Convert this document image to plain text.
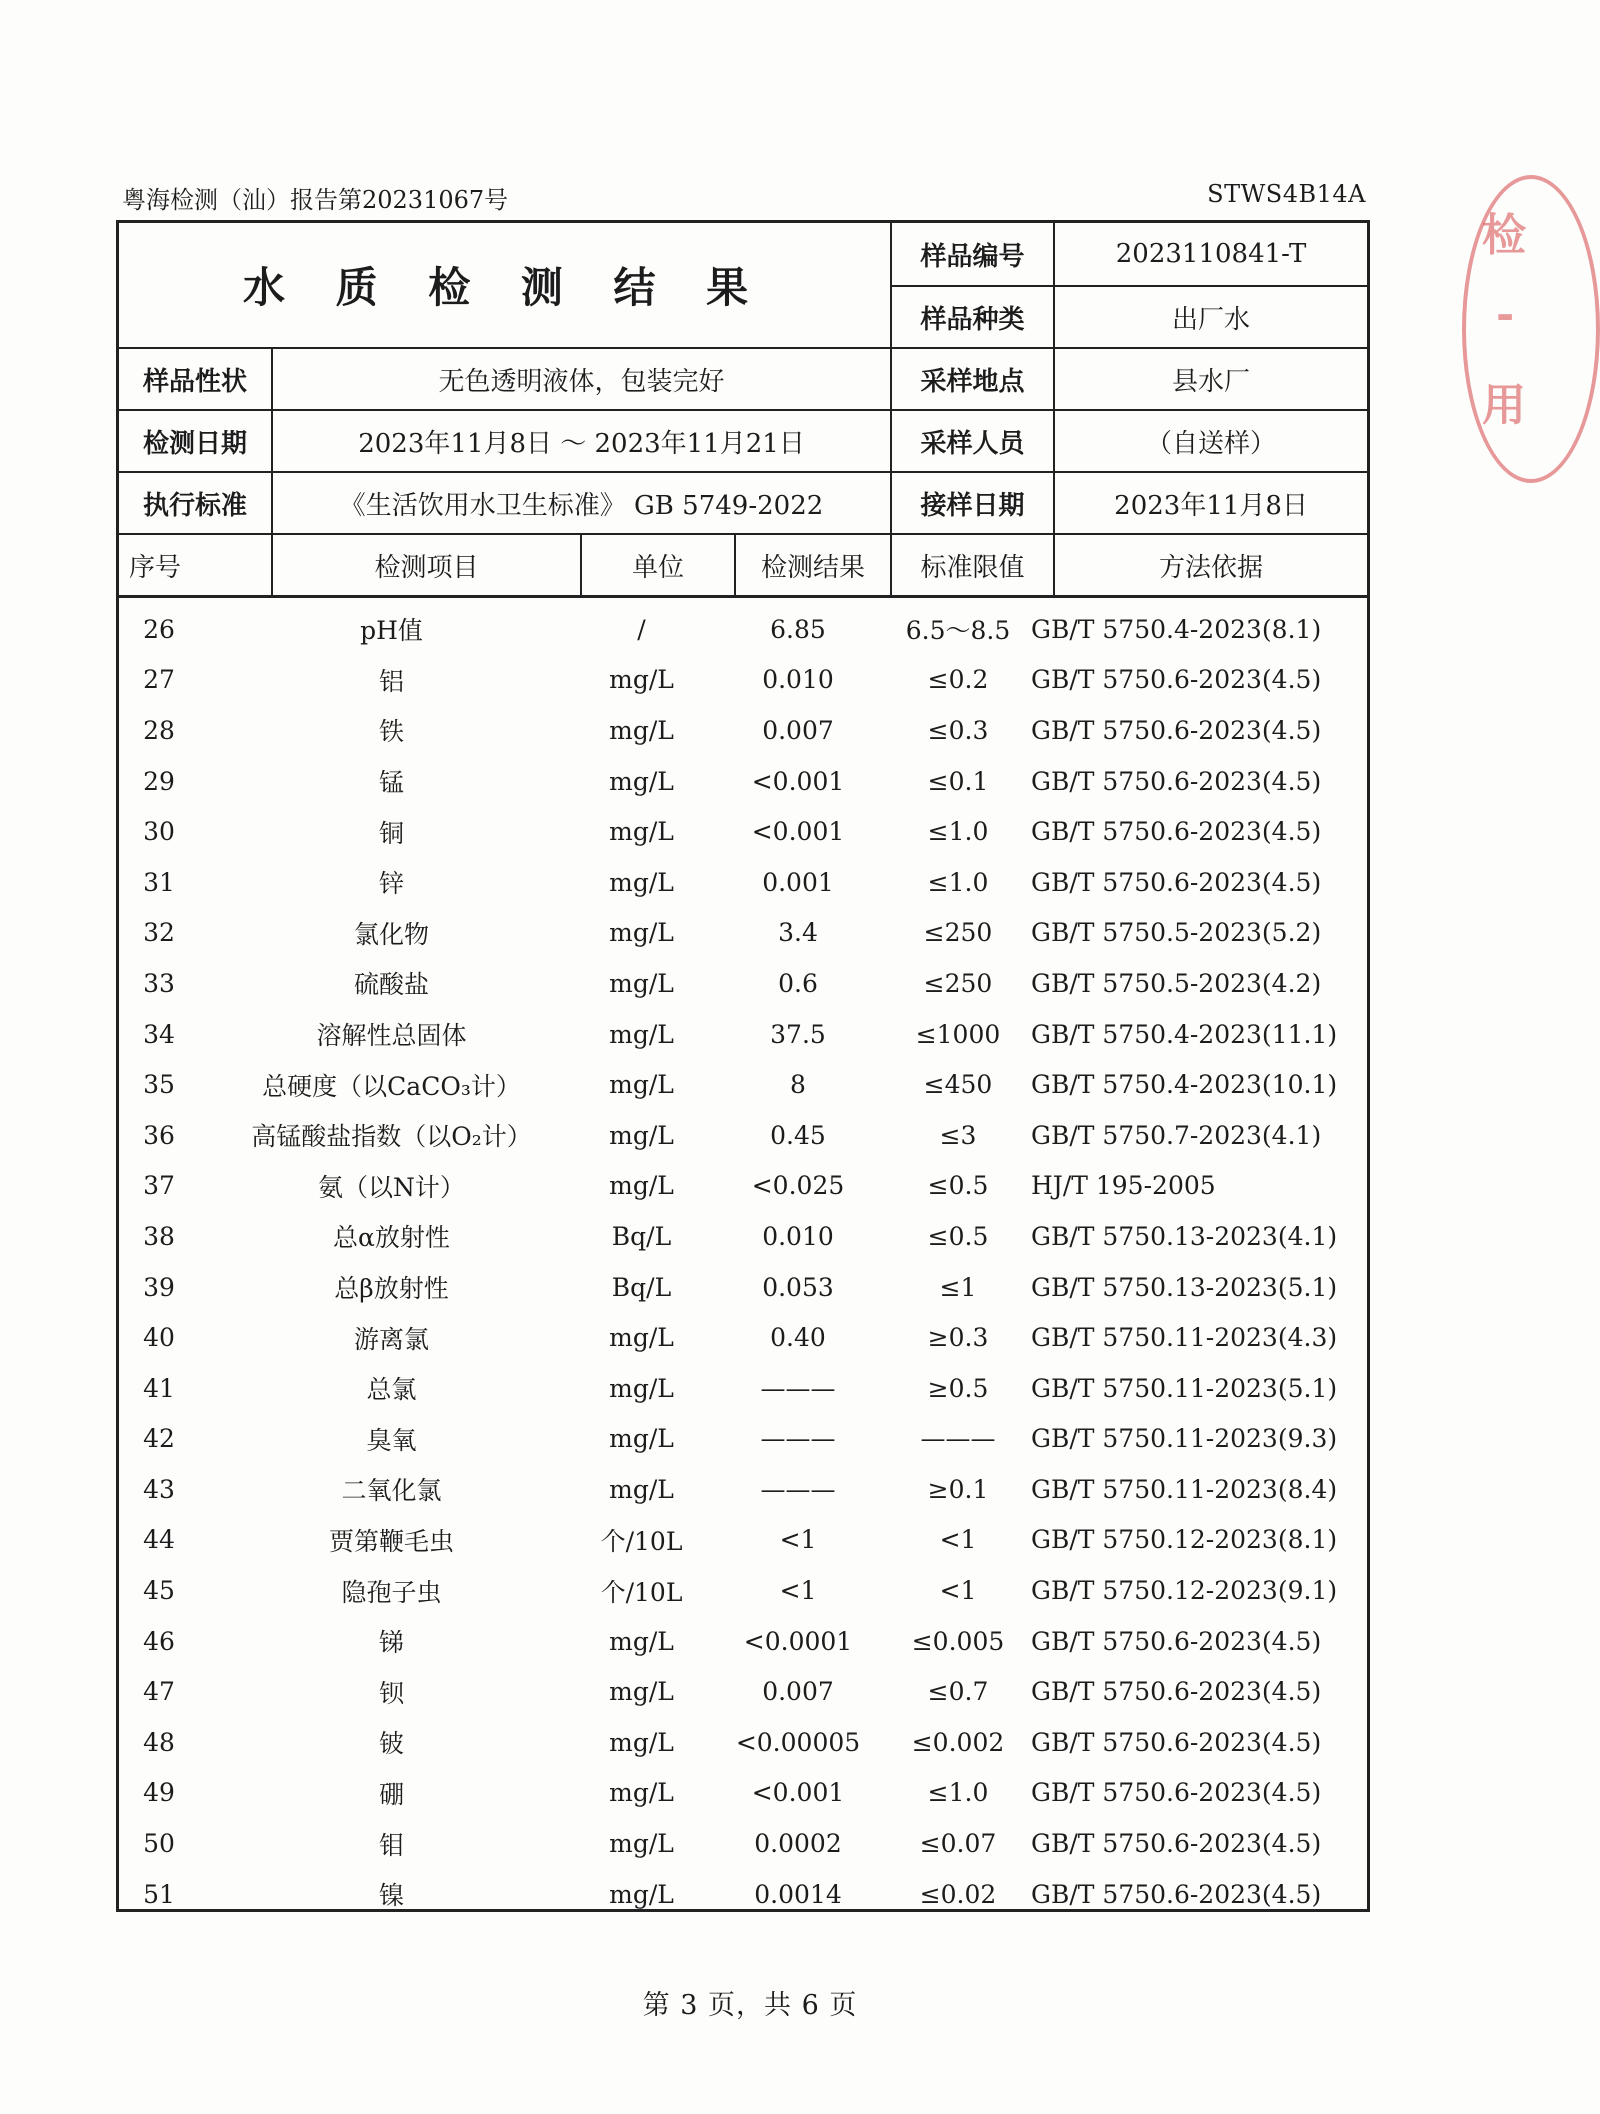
粤海检测（汕）报告第20231067号	STWS4B14A
检
-
用
水 质 检 测 结 果				样品编号	2023110841-T
				样品种类	出厂水
样品性状	无色透明液体，包装完好			采样地点	县水厂
检测日期	2023年11月8日 ～ 2023年11月21日			采样人员	（自送样）
执行标准	《生活饮用水卫生标准》 GB 5749-2022			接样日期	2023年11月8日
序号	检测项目	单位	检测结果	标准限值	方法依据
26	pH值	/	6.85	6.5～8.5	GB/T 5750.4-2023(8.1)
27	铝	mg/L	0.010	≤0.2	GB/T 5750.6-2023(4.5)
28	铁	mg/L	0.007	≤0.3	GB/T 5750.6-2023(4.5)
29	锰	mg/L	<0.001	≤0.1	GB/T 5750.6-2023(4.5)
30	铜	mg/L	<0.001	≤1.0	GB/T 5750.6-2023(4.5)
31	锌	mg/L	0.001	≤1.0	GB/T 5750.6-2023(4.5)
32	氯化物	mg/L	3.4	≤250	GB/T 5750.5-2023(5.2)
33	硫酸盐	mg/L	0.6	≤250	GB/T 5750.5-2023(4.2)
34	溶解性总固体	mg/L	37.5	≤1000	GB/T 5750.4-2023(11.1)
35	总硬度（以CaCO₃计）	mg/L	8	≤450	GB/T 5750.4-2023(10.1)
36	高锰酸盐指数（以O₂计）	mg/L	0.45	≤3	GB/T 5750.7-2023(4.1)
37	氨（以N计）	mg/L	<0.025	≤0.5	HJ/T 195-2005
38	总α放射性	Bq/L	0.010	≤0.5	GB/T 5750.13-2023(4.1)
39	总β放射性	Bq/L	0.053	≤1	GB/T 5750.13-2023(5.1)
40	游离氯	mg/L	0.40	≥0.3	GB/T 5750.11-2023(4.3)
41	总氯	mg/L	———	≥0.5	GB/T 5750.11-2023(5.1)
42	臭氧	mg/L	———	———	GB/T 5750.11-2023(9.3)
43	二氧化氯	mg/L	———	≥0.1	GB/T 5750.11-2023(8.4)
44	贾第鞭毛虫	个/10L	<1	<1	GB/T 5750.12-2023(8.1)
45	隐孢子虫	个/10L	<1	<1	GB/T 5750.12-2023(9.1)
46	锑	mg/L	<0.0001	≤0.005	GB/T 5750.6-2023(4.5)
47	钡	mg/L	0.007	≤0.7	GB/T 5750.6-2023(4.5)
48	铍	mg/L	<0.00005	≤0.002	GB/T 5750.6-2023(4.5)
49	硼	mg/L	<0.001	≤1.0	GB/T 5750.6-2023(4.5)
50	钼	mg/L	0.0002	≤0.07	GB/T 5750.6-2023(4.5)
51	镍	mg/L	0.0014	≤0.02	GB/T 5750.6-2023(4.5)
第 3 页，共 6 页
